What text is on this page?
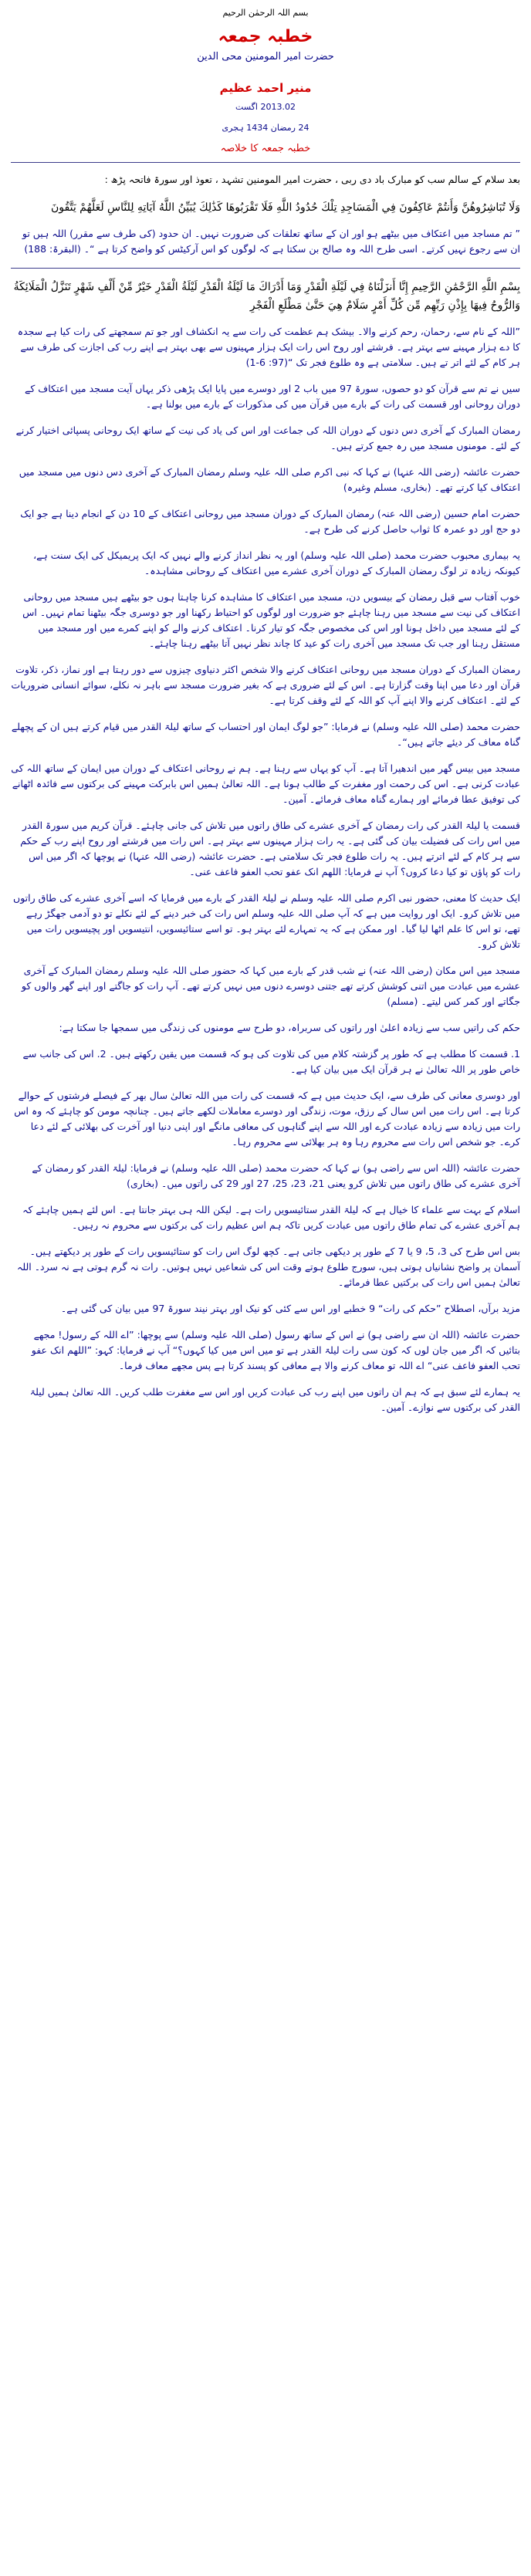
بسم اللہ الرحمٰن الرحیم
خطبہ جمعہ
حضرت امیر المومنین محی الدین
منیر احمد عظیم
2013.02 اگست
24 رمضان 1434 ہجری
خطبہ جمعہ کا خلاصہ

بعد سلام کے سالم سب کو مبارک باد دی ربی ، حضرت امیر المومنین تشہد ، تعوذ اور سورۃ فاتحہ پڑھ :

وَلَا تُبَاشِرُوهُنَّ وَأَنتُمْ عَاكِفُونَ فِي الْمَسَاجِدِ تِلْكَ حُدُودُ اللَّهِ فَلَا تَقْرَبُوهَا كَذَٰلِكَ يُبَيِّنُ اللَّهُ آيَاتِهِ لِلنَّاسِ لَعَلَّهُمْ يَتَّقُونَ

” تم مساجد میں اعتکاف میں بیٹھے ہو اور ان کے ساتھ تعلقات کی ضرورت نہیں۔ ان حدود (کی طرف سے مقرر) اللہ ہیں تو ان سے رجوع نہیں کرتے۔ اسی طرح اللہ وہ صالح بن سکتا ہے کہ لوگوں کو اس آرکیٹس کو واضح کرتا ہے “۔ (البقرۃ: 188)

بِسْمِ اللَّهِ الرَّحْمَٰنِ الرَّحِيمِ إِنَّا أَنزَلْنَاهُ فِي لَيْلَةِ الْقَدْرِ وَمَا أَدْرَاكَ مَا لَيْلَةُ الْقَدْرِ لَيْلَةُ الْقَدْرِ خَيْرٌ مِّنْ أَلْفِ شَهْرٍ تَنَزَّلُ الْمَلَائِكَةُ وَالرُّوحُ فِيهَا بِإِذْنِ رَبِّهِم مِّن كُلِّ أَمْرٍ سَلَامٌ هِيَ حَتَّىٰ مَطْلَعِ الْفَجْرِ

”اللہ کے نام سے، رحمان، رحم کرنے والا۔ بیشک ہم عظمت کی رات سے یہ انکشاف اور جو تم سمجھتے کی رات کیا ہے سجدہ کا دے ہزار مہینے سے بہتر ہے۔ فرشتے اور روح اس رات ایک ہزار مہینوں سے بھی بہتر ہے اپنے رب کی اجازت کی طرف سے ہر کام کے لئے اتر تے ہیں۔ سلامتی ہے وہ طلوع فجر تک “(97: 6-1)

سیں نے تم سے قرآن کو دو حصوں، سورۃ 97 میں باب 2 اور دوسرے میں پایا ایک پڑھی ذکر یہاں آیت مسجد میں اعتکاف کے دوران روحانی اور قسمت کی رات کے بارے میں قرآن میں کی مذکورات کے بارے میں بولنا ہے۔

رمضان المبارک کے آخری دس دنوں کے دوران اللہ کی جماعت اور اس کی یاد کی نیت کے ساتھ ایک روحانی پسپائی اختیار کرنے کے لئے۔ مومنوں مسجد میں رہ جمع کرتے ہیں۔

حضرت عائشہ (رضی اللہ عنہا) نے کہا کہ نبی اکرم صلی اللہ علیہ وسلم رمضان المبارک کے آخری دس دنوں میں مسجد میں اعتکاف کیا کرتے تھے۔ (بخاری، مسلم وغیرہ)

حضرت امام حسین (رضی اللہ عنہ) رمضان المبارک کے دوران مسجد میں روحانی اعتکاف کے 10 دن کے انجام دینا ہے جو ایک دو حج اور دو عمرہ کا ثواب حاصل کرنے کی طرح ہے۔

یہ بیماری محبوب حضرت محمد (صلی اللہ علیہ وسلم) اور یہ نظر انداز کرنے والے نہیں کہ ایک پریمیکل کی ایک سنت ہے، کیونکہ زیادہ تر لوگ رمضان المبارک کے دوران آخری عشرے میں اعتکاف کے روحانی مشاہدہ۔

خوب آفتاب سے قبل رمضان کے بیسویں دن، مسجد میں اعتکاف کا مشاہدہ کرنا چاہتا ہوں جو بیٹھے ہیں مسجد میں روحانی اعتکاف کی نیت سے مسجد میں رہنا چاہئے جو ضرورت اور لوگوں کو احتیاط رکھنا اور جو دوسری جگہ بیٹھنا تمام نہیں۔ اس کے لئے مسجد میں داخل ہونا اور اس کی مخصوص جگہ کو تیار کرنا۔ اعتکاف کرنے والے کو اپنے کمرے میں اور مسجد میں مستقل رہنا اور جب تک مسجد میں آخری رات کو عید کا چاند نظر نہیں آتا بیٹھے رہنا چاہئے۔

رمضان المبارک کے دوران مسجد میں روحانی اعتکاف کرنے والا شخص اکثر دنیاوی چیزوں سے دور رہتا ہے اور نماز، ذکر، تلاوت قرآن اور دعا میں اپنا وقت گزارتا ہے۔ اس کے لئے ضروری ہے کہ بغیر ضرورت مسجد سے باہر نہ نکلے، سوائے انسانی ضروریات کے لئے۔ اعتکاف کرنے والا اپنے آپ کو اللہ کے لئے وقف کرتا ہے۔

حضرت محمد (صلی اللہ علیہ وسلم) نے فرمایا: ”جو لوگ ایمان اور احتساب کے ساتھ لیلۃ القدر میں قیام کرتے ہیں ان کے پچھلے گناہ معاف کر دیئے جاتے ہیں“۔

مسجد میں بیس گھر میں اندھیرا آتا ہے۔ آپ کو یہاں سے رہنا ہے۔ ہم نے روحانی اعتکاف کے دوران میں ایمان کے ساتھ اللہ کی عبادت کرنی ہے۔ اس کی رحمت اور مغفرت کے طالب ہونا ہے۔ اللہ تعالیٰ ہمیں اس بابرکت مہینے کی برکتوں سے فائدہ اٹھانے کی توفیق عطا فرمائے اور ہمارے گناہ معاف فرمائے۔ آمین۔

قسمت یا لیلۃ القدر کی رات رمضان کے آخری عشرے کی طاق راتوں میں تلاش کی جانی چاہئے۔ قرآن کریم میں سورۃ القدر میں اس رات کی فضیلت بیان کی گئی ہے۔ یہ رات ہزار مہینوں سے بہتر ہے۔ اس رات میں فرشتے اور روح اپنے رب کے حکم سے ہر کام کے لئے اترتے ہیں۔ یہ رات طلوع فجر تک سلامتی ہے۔ حضرت عائشہ (رضی اللہ عنہا) نے پوچھا کہ اگر میں اس رات کو پاؤں تو کیا دعا کروں؟ آپ نے فرمایا: اللھم انک عفو تحب العفو فاعف عنی۔

ایک حدیث کا معنی، حضور نبی اکرم صلی اللہ علیہ وسلم نے لیلۃ القدر کے بارے میں فرمایا کہ اسے آخری عشرے کی طاق راتوں میں تلاش کرو۔ ایک اور روایت میں ہے کہ آپ صلی اللہ علیہ وسلم اس رات کی خبر دینے کے لئے نکلے تو دو آدمی جھگڑ رہے تھے، تو اس کا علم اٹھا لیا گیا۔ اور ممکن ہے کہ یہ تمہارے لئے بہتر ہو۔ تو اسے ستائیسویں، انتیسویں اور پچیسویں رات میں تلاش کرو۔

مسجد میں اس مکان (رضی اللہ عنہ) نے شب قدر کے بارے میں کہا کہ حضور صلی اللہ علیہ وسلم رمضان المبارک کے آخری عشرے میں عبادت میں اتنی کوشش کرتے تھے جتنی دوسرے دنوں میں نہیں کرتے تھے۔ آپ رات کو جاگتے اور اپنے گھر والوں کو جگاتے اور کمر کس لیتے۔ (مسلم)

حکم کی راتیں سب سے زیادہ اعلیٰ اور راتوں کی سربراہ، دو طرح سے مومنوں کی زندگی میں سمجھا جا سکتا ہے:

1. قسمت کا مطلب ہے کہ طور پر گزشتہ کلام میں کی تلاوت کی ہو کہ قسمت میں یقین رکھتے ہیں۔ 2. اس کی جانب سے خاص طور پر اللہ تعالیٰ نے ہر قرآن ایک میں بیان کیا ہے۔

اور دوسری معانی کی طرف سے، ایک حدیث میں ہے کہ قسمت کی رات میں اللہ تعالیٰ سال بھر کے فیصلے فرشتوں کے حوالے کرتا ہے۔ اس رات میں اس سال کے رزق، موت، زندگی اور دوسرے معاملات لکھے جاتے ہیں۔ چنانچہ مومن کو چاہئے کہ وہ اس رات میں زیادہ سے زیادہ عبادت کرے اور اللہ سے اپنے گناہوں کی معافی مانگے اور اپنی دنیا اور آخرت کی بھلائی کے لئے دعا کرے۔ جو شخص اس رات سے محروم رہا وہ ہر بھلائی سے محروم رہا۔

حضرت عائشہ (اللہ اس سے راضی ہو) نے کہا کہ حضرت محمد (صلی اللہ علیہ وسلم) نے فرمایا: لیلۃ القدر کو رمضان کے آخری عشرے کی طاق راتوں میں تلاش کرو یعنی 21، 23، 25، 27 اور 29 کی راتوں میں۔ (بخاری)

اسلام کے بہت سے علماء کا خیال ہے کہ لیلۃ القدر ستائیسویں رات ہے۔ لیکن اللہ ہی بہتر جانتا ہے۔ اس لئے ہمیں چاہئے کہ ہم آخری عشرے کی تمام طاق راتوں میں عبادت کریں تاکہ ہم اس عظیم رات کی برکتوں سے محروم نہ رہیں۔

بس اس طرح کی 3، 5، 9 یا 7 کے طور پر دیکھی جاتی ہے۔ کچھ لوگ اس رات کو ستائیسویں رات کے طور پر دیکھتے ہیں۔ آسمان پر واضح نشانیاں ہوتی ہیں، سورج طلوع ہوتے وقت اس کی شعاعیں نہیں ہوتیں۔ رات نہ گرم ہوتی ہے نہ سرد۔ اللہ تعالیٰ ہمیں اس رات کی برکتیں عطا فرمائے۔

مزید برآں، اصطلاح ”حکم کی رات“ 9 خطبے اور اس سے کئی کو نیک اور بہتر نیند سورۃ 97 میں بیان کی گئی ہے۔

حضرت عائشہ (اللہ ان سے راضی ہو) نے اس کے ساتھ رسول (صلی اللہ علیہ وسلم) سے پوچھا: ”اے اللہ کے رسول! مجھے بتائیں کہ اگر میں جان لوں کہ کون سی رات لیلۃ القدر ہے تو میں اس میں کیا کہوں؟“ آپ نے فرمایا: کہو: ”اللھم انک عفو تحب العفو فاعف عنی“ اے اللہ تو معاف کرنے والا ہے معافی کو پسند کرتا ہے پس مجھے معاف فرما۔

یہ ہمارے لئے سبق ہے کہ ہم ان راتوں میں اپنے رب کی عبادت کریں اور اس سے مغفرت طلب کریں۔ اللہ تعالیٰ ہمیں لیلۃ القدر کی برکتوں سے نوازے۔ آمین۔
